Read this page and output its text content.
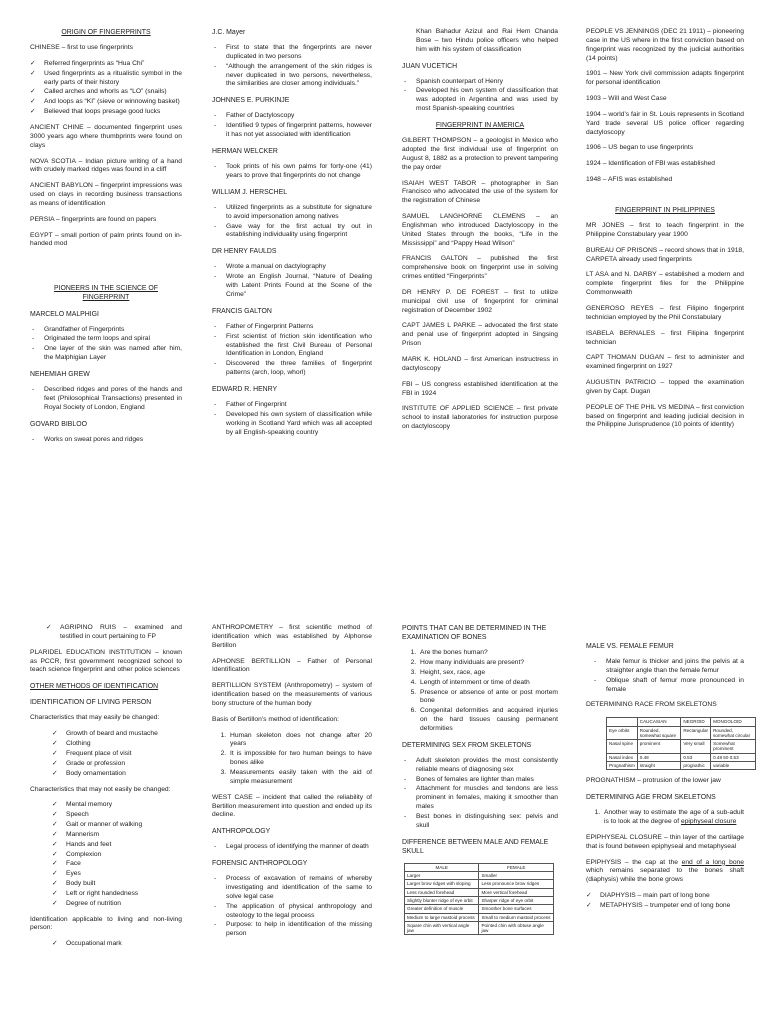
ORIGIN OF FINGERPRINTS

CHINESE – first to use fingerprints

✓ Referred fingerprints as “Hua Chi”
✓ Used fingerprints as a ritualistic symbol in the early parts of their history
✓ Called arches and whorls as “LO” (snails)
✓ And loops as “KI” (sieve or winnowing basket)
✓ Believed that loops presage good lucks

ANCIENT CHINE – documented fingerprint uses 3000 years ago where thumbprints were found on clays

NOVA SCOTIA – Indian picture writing of a hand with crudely marked ridges was found in a cliff

ANCIENT BABYLON – fingerprint impressions was used on clays in recording business transactions as means of identification

PERSIA – fingerprints are found on papers

EGYPT – small portion of palm prints found on in-handed mod

PIONEERS IN THE SCIENCE OF FINGERPRINT
MARCELO MALPHIGI
- Grandfather of Fingerprints
- Originated the term loops and spiral
- One layer of the skin was named after him, the Malphigian Layer
NEHEMIAH GREW
- Described ridges and pores of the hands and feet (Philosophical Transactions) presented in Royal Society of London, England
GOVARD BIBLOO
- Works on sweat pores and ridges
J.C. Mayer
- First to state that the fingerprints are never duplicated in two persons
- “Although the arrangement of the skin ridges is never duplicated in two persons, nevertheless, the similarities are closer among individuals.”
JOHNNES E. PURKINJE
- Father of Dactyloscopy
- Identified 9 types of fingerprint patterns, however it has not yet associated with identification
HERMAN WELCKER
- Took prints of his own palms for forty-one (41) years to prove that fingerprints do not change
WILLIAM J. HERSCHEL
- Utilized fingerprints as a substitute for signature to avoid impersonation among natives
- Gave way for the first actual try out in establishing individuality using fingerprint
DR HENRY FAULDS
- Wrote a manual on dactylography
- Wrote an English Journal, “Nature of Dealing with Latent Prints Found at the Scene of the Crime”
FRANCIS GALTON
- Father of Fingerprint Patterns
- First scientist of friction skin identification who established the first Civil Bureau of Personal Identification in London, England
- Discovered the three families of fingerprint patterns (arch, loop, whorl)
EDWARD R. HENRY
- Father of Fingerprint
- Developed his own system of classification while working in Scotland Yard which was all accepted by all English-speaking country

Khan Bahadur Azizul and Rai Hem Chanda Bose – two Hindu police officers who helped him with his system of classification

JUAN VUCETICH
- Spanish counterpart of Henry
- Developed his own system of classification that was adopted in Argentina and was used by most Spanish-speaking countries
FINGERPRINT IN AMERICA

GILBERT THOMPSON – a geologist in Mexico who adopted the first individual use of fingerprint on August 8, 1882 as a protection to prevent tampering the pay order

ISAIAH WEST TABOR – photographer in San Francisco who advocated the use of the system for the registration of Chinese

SAMUEL LANGHORNE CLEMENS – an Englishman who introduced Dactyloscopy in the United States through the books, “Life in the Mississippi” and “Pappy Head Wilson”

FRANCIS GALTON – published the first comprehensive book on fingerprint use in solving crimes entitled “Fingerprints”

DR HENRY P. DE FOREST – first to utilize municipal civil use of fingerprint for criminal registration of December 1902

CAPT JAMES L PARKE – advocated the first state and penal use of fingerprint adopted in Singsing Prison

MARK K. HOLAND – first American instructress in dactyloscopy

FBI – US congress established identification at the FBI in 1924

INSTITUTE OF APPLIED SCIENCE – first private school to install laboratories for instruction purpose on dactyloscopy

PEOPLE VS JENNINGS (DEC 21 1911) – pioneering case in the US where in the first conviction based on fingerprint was recognized by the judicial authorities (14 points)

1901 – New York civil commission adapts fingerprint for personal identification

1903 – Will and West Case

1904 – world’s fair in St. Louis represents in Scotland Yard trade several US police officer regarding dactyloscopy

1906 – US began to use fingerprints

1924 – Identification of FBI was established

1948 – AFIS was established

FINGERPRINT IN PHILIPPINES

MR JONES – first to teach fingerprint in the Philippine Constabulary year 1900

BUREAU OF PRISONS – record shows that in 1918, CARPETA already used fingerprints

LT ASA and N. DARBY – established a modern and complete fingerprint files for the Philippine Commonwealth

GENEROSO REYES – first Filipino fingerprint technician employed by the Phil Constabulary

ISABELA BERNALES – first Filipina fingerprint technician

CAPT THOMAN DUGAN – first to administer and examined fingerprint on 1927

AUGUSTIN PATRICIO – topped the examination given by Capt. Dugan

PEOPLE OF THE PHIL VS MEDINA – first conviction based on fingerprint and leading judicial decision in the Philippine Jurisprudence (10 points of identity)

✓ AGRIPINO RUIS – examined and testified in court pertaining to FP

PLARIDEL EDUCATION INSTITUTION – known as PCCR, first government recognized school to teach science fingerprint and other police sciences

OTHER METHODS OF IDENTIFICATION
IDENTIFICATION OF LIVING PERSON

Characteristics that may easily be changed:

✓ Growth of beard and mustache
✓ Clothing
✓ Frequent place of visit
✓ Grade or profession
✓ Body ornamentation

Characteristics that may not easily be changed:

✓ Mental memory
✓ Speech
✓ Gait or manner of walking
✓ Mannerism
✓ Hands and feet
✓ Complexion
✓ Face
✓ Eyes
✓ Body built
✓ Left or right handedness
✓ Degree of nutrition

Identification applicable to living and non-living person:

✓ Occupational mark

ANTHROPOMETRY – first scientific method of identification which was established by Alphonse Bertillon

APHONSE BERTILLION – Father of Personal Identification

BERTILLION SYSTEM (Anthropometry) – system of identification based on the measurements of various bony structure of the human body

Basis of Bertillon’s method of identification:

1. Human skeleton does not change after 20 years
2. It is impossible for two human beings to have bones alike
3. Measurements easily taken with the aid of simple measurement

WEST CASE – incident that called the reliability of Bertillon measurement into question and ended up its decline.

ANTHROPOLOGY
- Legal process of identifying the manner of death
FORENSIC ANTHROPOLOGY
- Process of excavation of remains of whereby investigating and identification of the same to solve legal case
- The application of physical anthropology and osteology to the legal process
- Purpose: to help in identification of the missing person
POINTS THAT CAN BE DETERMINED IN THE EXAMINATION OF BONES
1. Are the bones human?
2. How many individuals are present?
3. Height, sex, race, age
4. Length of internment or time of death
5. Presence or absence of ante or post mortem bone
6. Congenital deformities and acquired injuries on the hard tissues causing permanent deformities
DETERMINING SEX FROM SKELETONS
- Adult skeleton provides the most consistently reliable means of diagnosing sex
- Bones of females are lighter than males
- Attachment for muscles and tendons are less prominent in females, making it smoother than males
- Best bones in distinguishing sex: pelvis and skull
DIFFERENCE BETWEEN MALE AND FEMALE SKULL
MALE	FEMALE
Larger	Smaller
Larger brow ridges with sloping	Less pronounce brow ridges
Less rounded forehead	More vertical forehead
Slightly blunter ridge of eye orbit	Sharper ridge of eye orbit
Greater definition of muscle	Smoother bone surfaces
Medium to large mastoid process	Small to medium mastoid process
Square chin with vertical angle jaw	Pointed chin with obtuse angle jaw
MALE VS. FEMALE FEMUR
- Male femur is thicker and joins the pelvis at a straighter angle than the female femur
- Oblique shaft of femur more pronounced in female

DETERMINING RACE FROM SKELETONS

	CAUCASIAN	NEGROID	MONGOLOID
Eye orbits	Rounded, somewhat square	Rectangular	Rounded, somewhat circular
Nasal spine	prominent	Very small	Somewhat prominent
Nasal index	0.48	0.53	0.48 50 0.53
Prognathism	straight	prognathic	variable

PROGNATHISM – protrusion of the lower jaw

DETERMINING AGE FROM SKELETONS
1. Another way to estimate the age of a sub-adult is to look at the degree of epiphyseal closure

EPIPHYSEAL CLOSURE – thin layer of the cartilage that is found between epiphyseal and metaphyseal

EPIPHYSIS – the cap at the end of a long bone which remains separated to the bones shaft (diaphysis) while the bone grows

✓ DIAPHYSIS – main part of long bone
✓ METAPHYSIS – trumpeter end of long bone
